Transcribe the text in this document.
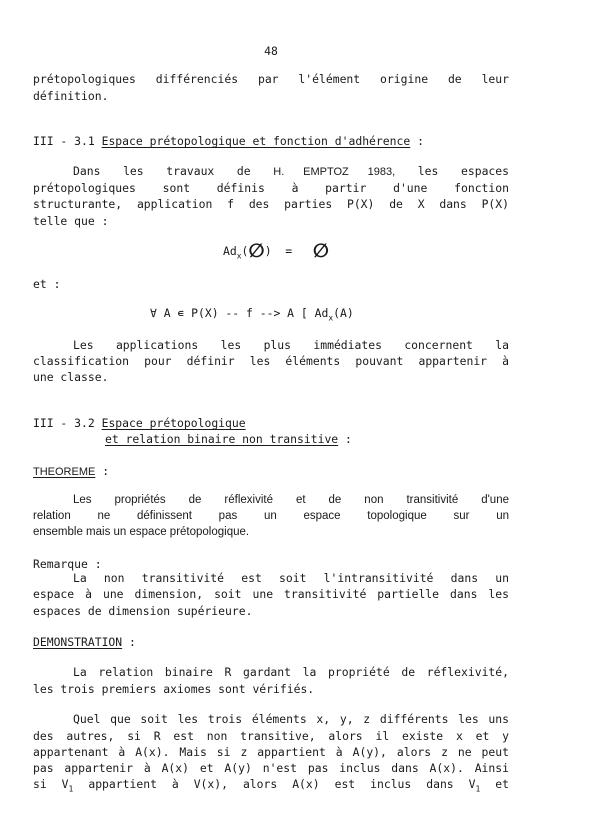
48
prétopologiques différenciés par l'élément origine de leur
définition.
III - 3.1 Espace prétopologique et fonction d'adhérence :
Dans les travaux de H. EMPTOZ 1983, les espaces
prétopologiques sont définis à partir d'une fonction
structurante, application f des parties P(X) de X dans P(X)
telle que :
$Ad_x(\emptyset)$ = ∅
et :
∀ A ∊ P(X) -- f --> A [ $Ad_x(A)$
Les applications les plus immédiates concernent la
classification pour définir les éléments pouvant appartenir à
une classe.
III - 3.2 Espace prétopologique
et relation binaire non transitive :
THEOREME :
Les propriétés de réflexivité et de non transitivité d'une
relation ne définissent pas un espace topologique sur un
ensemble mais un espace prétopologique.
Remarque :
La non transitivité est soit l'intransitivité dans un
espace à une dimension, soit une transitivité partielle dans les
espaces de dimension supérieure.
DEMONSTRATION :
La relation binaire R gardant la propriété de réflexivité,
les trois premiers axiomes sont vérifiés.
Quel que soit les trois éléments x, y, z différents les uns
des autres, si R est non transitive, alors il existe x et y
appartenant à A(x). Mais si z appartient à A(y), alors z ne peut
pas appartenir à A(x) et A(y) n'est pas inclus dans A(x). Ainsi
si $V_1$ appartient à V(x), alors A(x) est inclus dans $V_1$ et
